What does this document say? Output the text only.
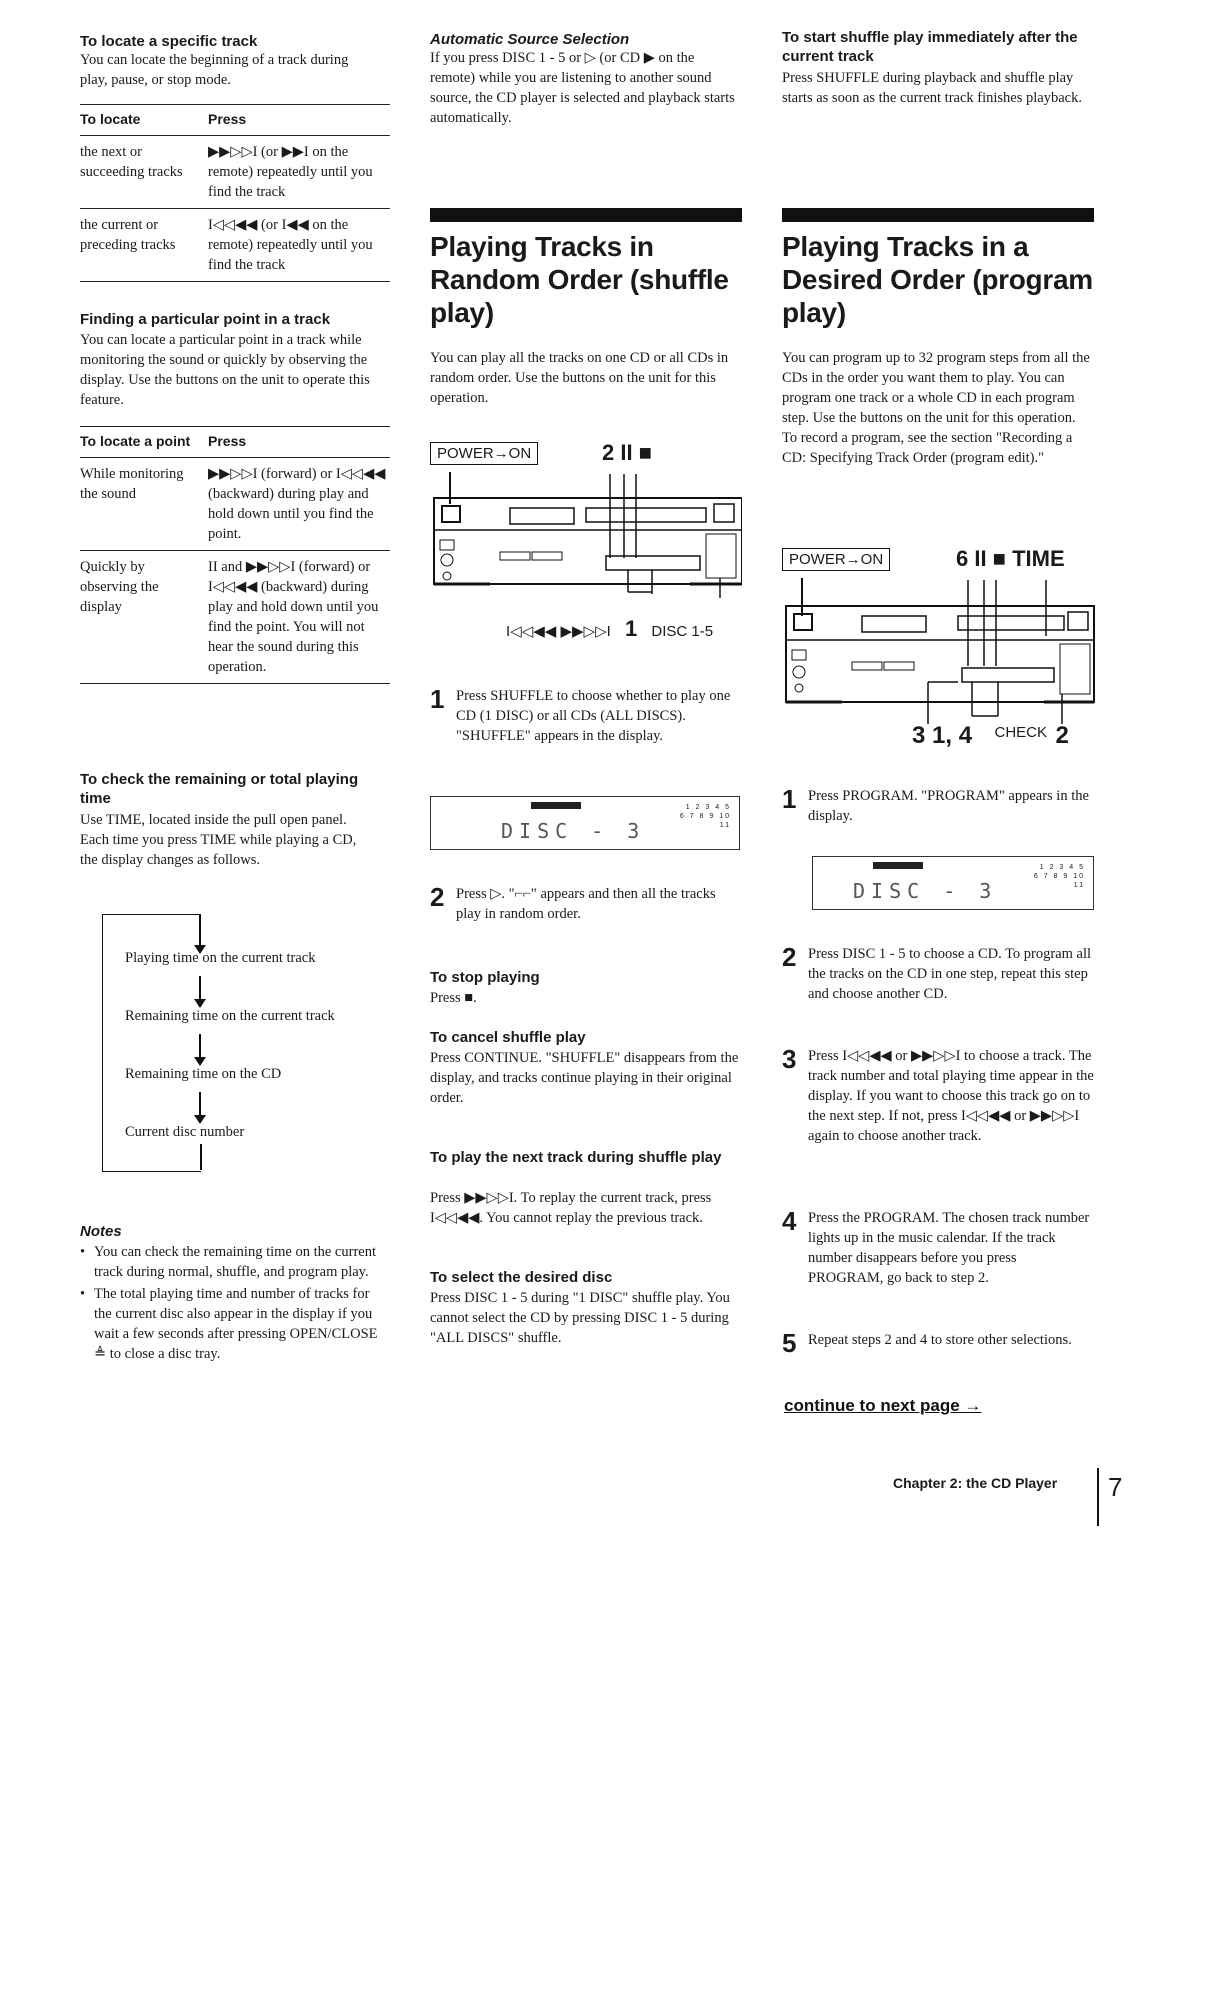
To locate a specific track

You can locate the beginning of a track during play, pause, or stop mode.

To locate	Press
the next or succeeding tracks	▶▶▷▷I (or ▶▶I on the remote) repeatedly until you find the track
the current or preceding tracks	I◁◁◀◀ (or I◀◀ on the remote) repeatedly until you find the track

Finding a particular point in a track

You can locate a particular point in a track while monitoring the sound or quickly by observing the display. Use the buttons on the unit to operate this feature.

To locate a point	Press
While monitoring the sound	▶▶▷▷I (forward) or I◁◁◀◀ (backward) during play and hold down until you find the point.
Quickly by observing the display	II and ▶▶▷▷I (forward) or I◁◁◀◀ (backward) during play and hold down until you find the point. You will not hear the sound during this operation.

To check the remaining or total playing time

Use TIME, located inside the pull open panel. Each time you press TIME while playing a CD, the display changes as follows.

Playing time on the current track
Remaining time on the current track
Remaining time on the CD
Current disc number

Notes

• You can check the remaining time on the current track during normal, shuffle, and program play.
• The total playing time and number of tracks for the current disc also appear in the display if you wait a few seconds after pressing OPEN/CLOSE ≜ to close a disc tray.

Automatic Source Selection

If you press DISC 1 - 5 or ▷ (or CD ▶ on the remote) while you are listening to another sound source, the CD player is selected and playback starts automatically.

Playing Tracks in Random Order (shuffle play)

You can play all the tracks on one CD or all CDs in random order. Use the buttons on the unit for this operation.

POWER→ON	2 II ■
I◁◁◀◀ ▶▶▷▷I 1 DISC 1-5
1 Press SHUFFLE to choose whether to play one CD (1 DISC) or all CDs (ALL DISCS). "SHUFFLE" appears in the display.
DISC - 3
1 2 3 4 5
6 7 8 9 10
11
2 Press ▷. "⌐⌐" appears and then all the tracks play in random order.

To stop playing

Press ■.

To cancel shuffle play

Press CONTINUE. "SHUFFLE" disappears from the display, and tracks continue playing in their original order.

To play the next track during shuffle play

Press ▶▶▷▷I. To replay the current track, press I◁◁◀◀. You cannot replay the previous track.

To select the desired disc

Press DISC 1 - 5 during "1 DISC" shuffle play. You cannot select the CD by pressing DISC 1 - 5 during "ALL DISCS" shuffle.

To start shuffle play immediately after the current track

Press SHUFFLE during playback and shuffle play starts as soon as the current track finishes playback.

Playing Tracks in a Desired Order (program play)

You can program up to 32 program steps from all the CDs in the order you want them to play. You can program one track or a whole CD in each program step. Use the buttons on the unit for this operation. To record a program, see the section "Recording a CD: Specifying Track Order (program edit)."

POWER→ON	6 II ■ TIME
3 1, 4 CHECK 2
1 Press PROGRAM. "PROGRAM" appears in the display.
DISC - 3
1 2 3 4 5
6 7 8 9 10
11
2 Press DISC 1 - 5 to choose a CD. To program all the tracks on the CD in one step, repeat this step and choose another CD.
3 Press I◁◁◀◀ or ▶▶▷▷I to choose a track. The track number and total playing time appear in the display. If you want to choose this track go on to the next step. If not, press I◁◁◀◀ or ▶▶▷▷I again to choose another track.
4 Press the PROGRAM. The chosen track number lights up in the music calendar. If the track number disappears before you press PROGRAM, go back to step 2.
5 Repeat steps 2 and 4 to store other selections.
continue to next page →
Chapter 2: the CD Player 7
